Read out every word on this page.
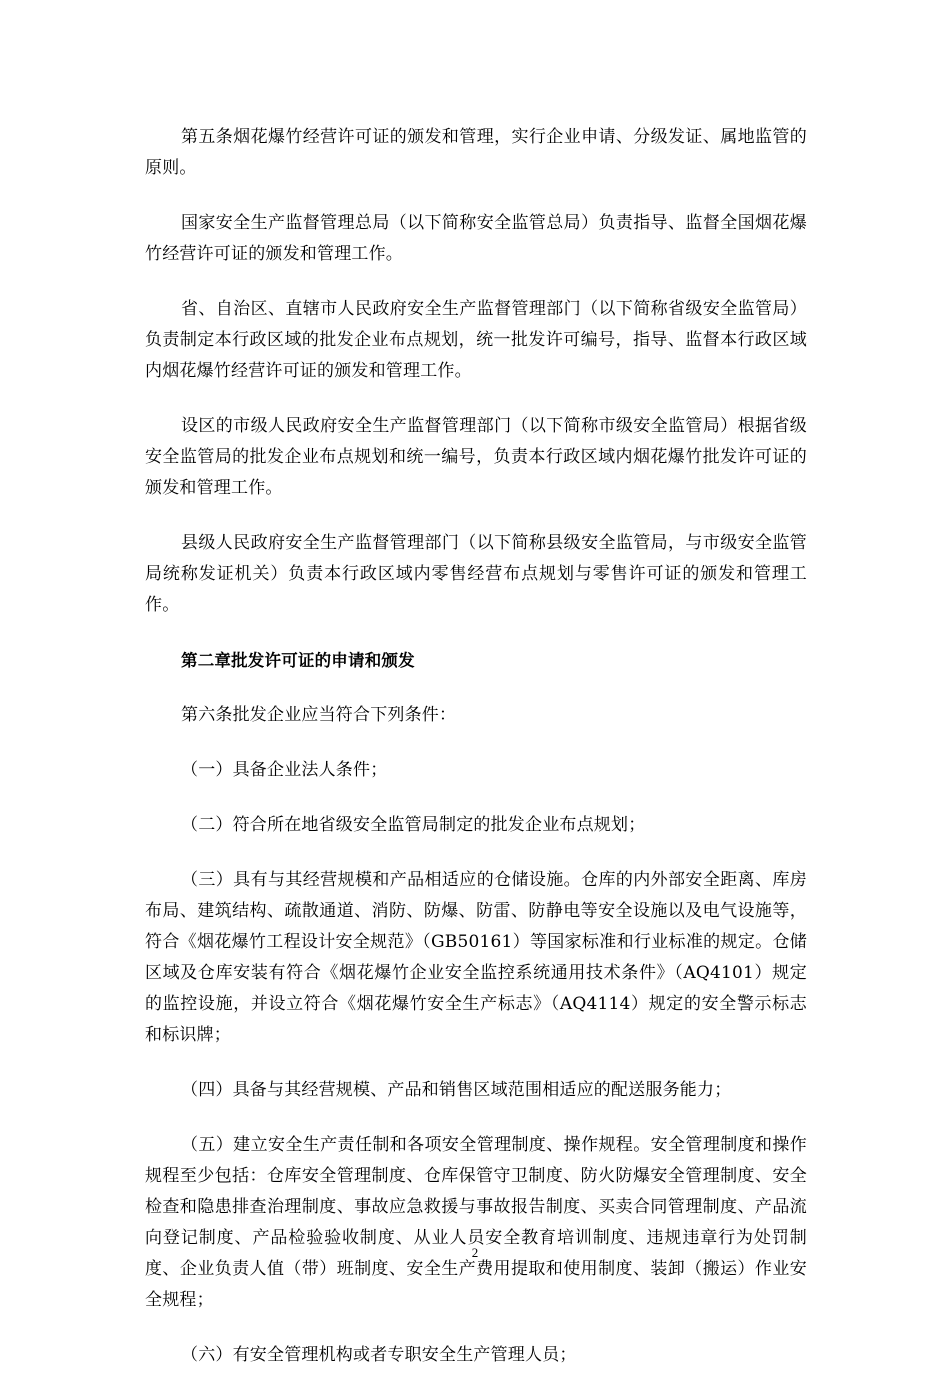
第五条烟花爆竹经营许可证的颁发和管理，实行企业申请、分级发证、属地监管的原则。

国家安全生产监督管理总局（以下简称安全监管总局）负责指导、监督全国烟花爆竹经营许可证的颁发和管理工作。

省、自治区、直辖市人民政府安全生产监督管理部门（以下简称省级安全监管局）负责制定本行政区域的批发企业布点规划，统一批发许可编号，指导、监督本行政区域内烟花爆竹经营许可证的颁发和管理工作。

设区的市级人民政府安全生产监督管理部门（以下简称市级安全监管局）根据省级安全监管局的批发企业布点规划和统一编号，负责本行政区域内烟花爆竹批发许可证的颁发和管理工作。

县级人民政府安全生产监督管理部门（以下简称县级安全监管局，与市级安全监管局统称发证机关）负责本行政区域内零售经营布点规划与零售许可证的颁发和管理工作。

第二章批发许可证的申请和颁发

第六条批发企业应当符合下列条件：

（一）具备企业法人条件；

（二）符合所在地省级安全监管局制定的批发企业布点规划；

（三）具有与其经营规模和产品相适应的仓储设施。仓库的内外部安全距离、库房布局、建筑结构、疏散通道、消防、防爆、防雷、防静电等安全设施以及电气设施等，符合《烟花爆竹工程设计安全规范》（GB50161）等国家标准和行业标准的规定。仓储区域及仓库安装有符合《烟花爆竹企业安全监控系统通用技术条件》（AQ4101）规定的监控设施，并设立符合《烟花爆竹安全生产标志》（AQ4114）规定的安全警示标志和标识牌；

（四）具备与其经营规模、产品和销售区域范围相适应的配送服务能力；

（五）建立安全生产责任制和各项安全管理制度、操作规程。安全管理制度和操作规程至少包括：仓库安全管理制度、仓库保管守卫制度、防火防爆安全管理制度、安全检查和隐患排查治理制度、事故应急救援与事故报告制度、买卖合同管理制度、产品流向登记制度、产品检验验收制度、从业人员安全教育培训制度、违规违章行为处罚制度、企业负责人值（带）班制度、安全生产费用提取和使用制度、装卸（搬运）作业安全规程；

（六）有安全管理机构或者专职安全生产管理人员；

2
